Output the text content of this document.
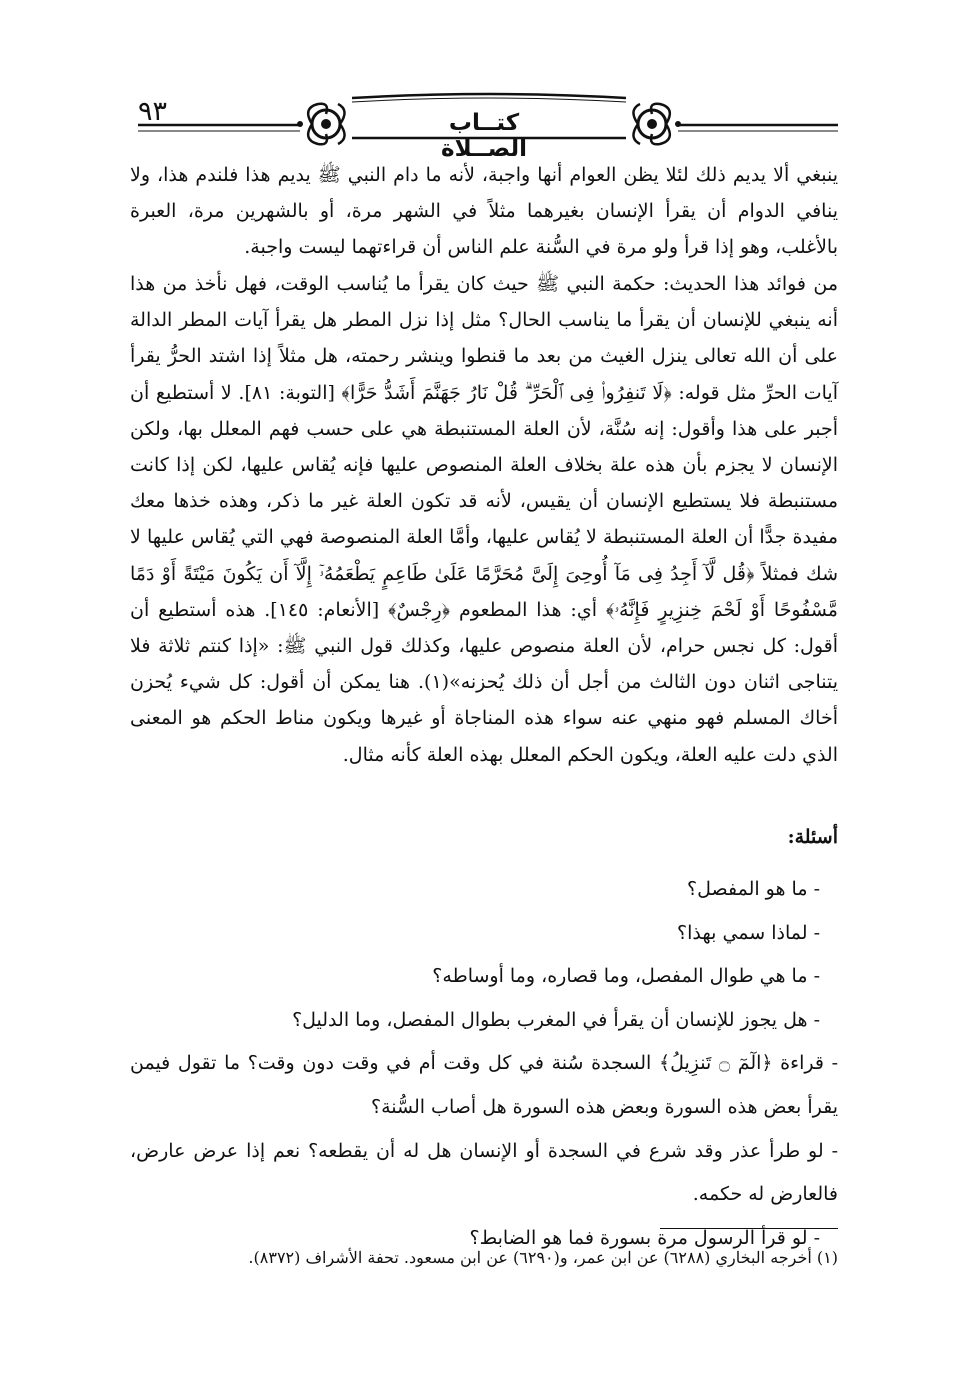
٩٣	كتــاب الصــلاة

ينبغي ألا يديم ذلك لئلا يظن العوام أنها واجبة، لأنه ما دام النبي ﷺ يديم هذا فلندم هذا، ولا ينافي الدوام أن يقرأ الإنسان بغيرهما مثلاً في الشهر مرة، أو بالشهرين مرة، العبرة بالأغلب، وهو إذا قرأ ولو مرة في السُّنة علم الناس أن قراءتهما ليست واجبة.

من فوائد هذا الحديث: حكمة النبي ﷺ حيث كان يقرأ ما يُناسب الوقت، فهل نأخذ من هذا أنه ينبغي للإنسان أن يقرأ ما يناسب الحال؟ مثل إذا نزل المطر هل يقرأ آيات المطر الدالة على أن الله تعالى ينزل الغيث من بعد ما قنطوا وينشر رحمته، هل مثلاً إذا اشتد الحرُّ يقرأ آيات الحرِّ مثل قوله: ﴿لَا تَنفِرُوا۟ فِى ٱلْحَرِّ ۗ قُلْ نَارُ جَهَنَّمَ أَشَدُّ حَرًّا﴾ [التوبة: ٨١]. لا أستطيع أن أجبر على هذا وأقول: إنه سُنَّة، لأن العلة المستنبطة هي على حسب فهم المعلل بها، ولكن الإنسان لا يجزم بأن هذه علة بخلاف العلة المنصوص عليها فإنه يُقاس عليها، لكن إذا كانت مستنبطة فلا يستطيع الإنسان أن يقيس، لأنه قد تكون العلة غير ما ذكر، وهذه خذها معك مفيدة جدًّا أن العلة المستنبطة لا يُقاس عليها، وأمَّا العلة المنصوصة فهي التي يُقاس عليها لا شك فمثلاً ﴿قُل لَّآ أَجِدُ فِى مَآ أُوحِىَ إِلَىَّ مُحَرَّمًا عَلَىٰ طَاعِمٍ يَطْعَمُهُۥٓ إِلَّآ أَن يَكُونَ مَيْتَةً أَوْ دَمًا مَّسْفُوحًا أَوْ لَحْمَ خِنزِيرٍ فَإِنَّهُۥ﴾ أي: هذا المطعوم ﴿رِجْسٌ﴾ [الأنعام: ١٤٥]. هذه أستطيع أن أقول: كل نجس حرام، لأن العلة منصوص عليها، وكذلك قول النبي ﷺ: «إذا كنتم ثلاثة فلا يتناجى اثنان دون الثالث من أجل أن ذلك يُحزنه»(١). هنا يمكن أن أقول: كل شيء يُحزن أخاك المسلم فهو منهي عنه سواء هذه المناجاة أو غيرها ويكون مناط الحكم هو المعنى الذي دلت عليه العلة، ويكون الحكم المعلل بهذه العلة كأنه مثال.

أسئلة:
- ما هو المفصل؟
- لماذا سمي بهذا؟
- ما هي طوال المفصل، وما قصاره، وما أوساطه؟
- هل يجوز للإنسان أن يقرأ في المغرب بطوال المفصل، وما الدليل؟
- قراءة ﴿الٓمٓ ۝ تَنزِيلُ﴾ السجدة سُنة في كل وقت أم في وقت دون وقت؟ ما تقول فيمن يقرأ بعض هذه السورة وبعض هذه السورة هل أصاب السُّنة؟
- لو طرأ عذر وقد شرع في السجدة أو الإنسان هل له أن يقطعه؟ نعم إذا عرض عارض، فالعارض له حكمه.
- لو قرأ الرسول مرة بسورة فما هو الضابط؟
(١) أخرجه البخاري (٦٢٨٨) عن ابن عمر، و(٦٢٩٠) عن ابن مسعود. تحفة الأشراف (٨٣٧٢).
